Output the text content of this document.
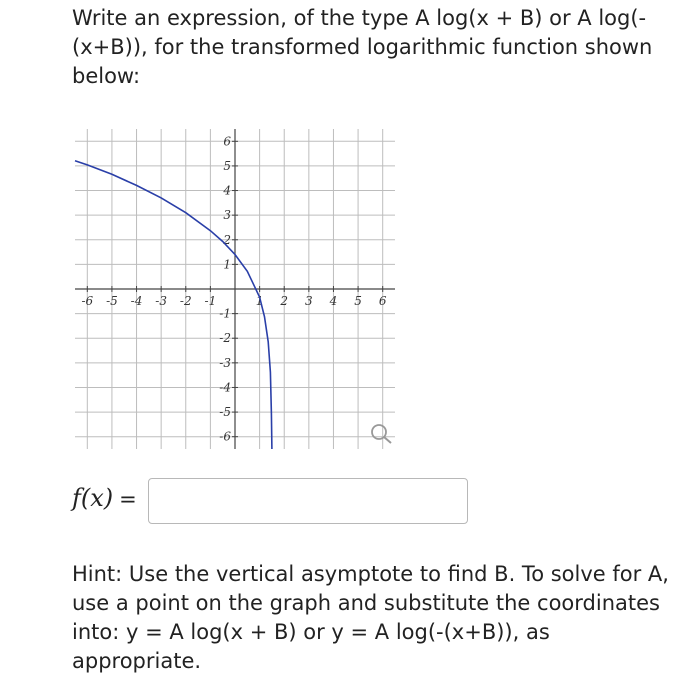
Write an expression, of the type A log(x + B) or A log(-(x+B)), for the transformed logarithmic function shown below:

-6 -5 -4 -3 -2 -1	1 2 3 4 5 6
6
5
4
3
2
1
-1
-2
-3
-4
-5
-6
f(x) =

Hint: Use the vertical asymptote to find B. To solve for A, use a point on the graph and substitute the coordinates into: y = A log(x + B) or y = A log(-(x+B)), as appropriate.
